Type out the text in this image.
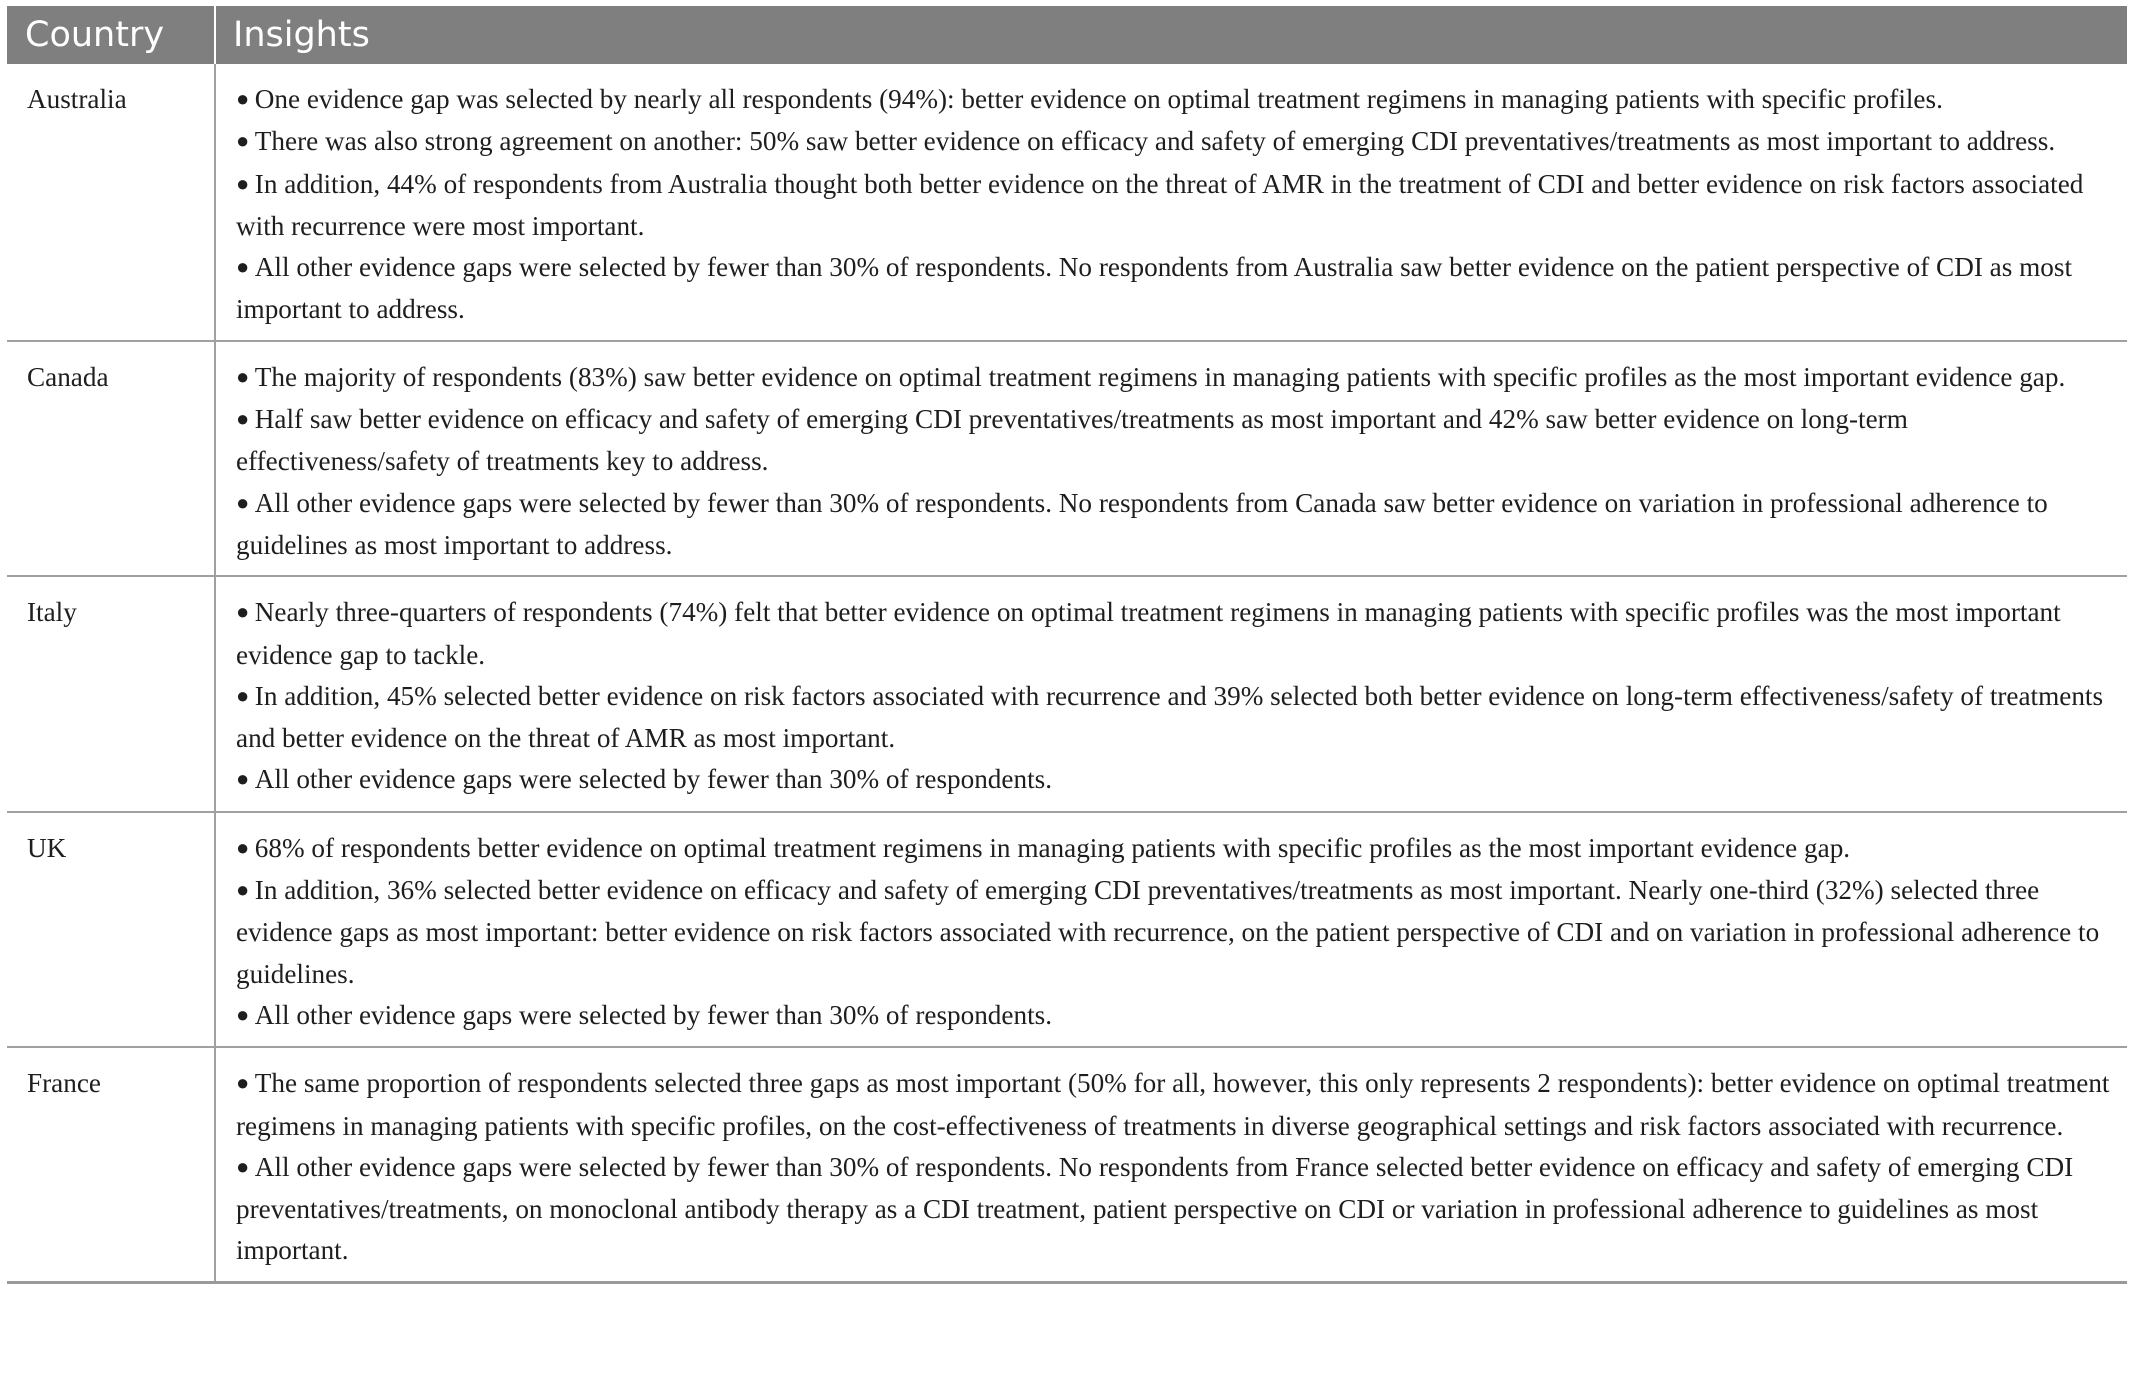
Country	Insights
Australia	● One evidence gap was selected by nearly all respondents (94%): better evidence on optimal treatment regimens in managing patients with specific profiles.
● There was also strong agreement on another: 50% saw better evidence on efficacy and safety of emerging CDI preventatives/treatments as most important to address.
● In addition, 44% of respondents from Australia thought both better evidence on the threat of AMR in the treatment of CDI and better evidence on risk factors associated with recurrence were most important.
● All other evidence gaps were selected by fewer than 30% of respondents. No respondents from Australia saw better evidence on the patient perspective of CDI as most important to address.

Canada	● The majority of respondents (83%) saw better evidence on optimal treatment regimens in managing patients with specific profiles as the most important evidence gap.
● Half saw better evidence on efficacy and safety of emerging CDI preventatives/treatments as most important and 42% saw better evidence on long-term effectiveness/safety of treatments key to address.
● All other evidence gaps were selected by fewer than 30% of respondents. No respondents from Canada saw better evidence on variation in professional adherence to guidelines as most important to address.

Italy	● Nearly three-quarters of respondents (74%) felt that better evidence on optimal treatment regimens in managing patients with specific profiles was the most important evidence gap to tackle.
● In addition, 45% selected better evidence on risk factors associated with recurrence and 39% selected both better evidence on long-term effectiveness/safety of treatments and better evidence on the threat of AMR as most important.
● All other evidence gaps were selected by fewer than 30% of respondents.

UK	● 68% of respondents better evidence on optimal treatment regimens in managing patients with specific profiles as the most important evidence gap.
● In addition, 36% selected better evidence on efficacy and safety of emerging CDI preventatives/treatments as most important. Nearly one-third (32%) selected three evidence gaps as most important: better evidence on risk factors associated with recurrence, on the patient perspective of CDI and on variation in professional adherence to guidelines.
● All other evidence gaps were selected by fewer than 30% of respondents.

France	● The same proportion of respondents selected three gaps as most important (50% for all, however, this only represents 2 respondents): better evidence on optimal treatment regimens in managing patients with specific profiles, on the cost-effectiveness of treatments in diverse geographical settings and risk factors associated with recurrence.
● All other evidence gaps were selected by fewer than 30% of respondents. No respondents from France selected better evidence on efficacy and safety of emerging CDI preventatives/treatments, on monoclonal antibody therapy as a CDI treatment, patient perspective on CDI or variation in professional adherence to guidelines as most important.
